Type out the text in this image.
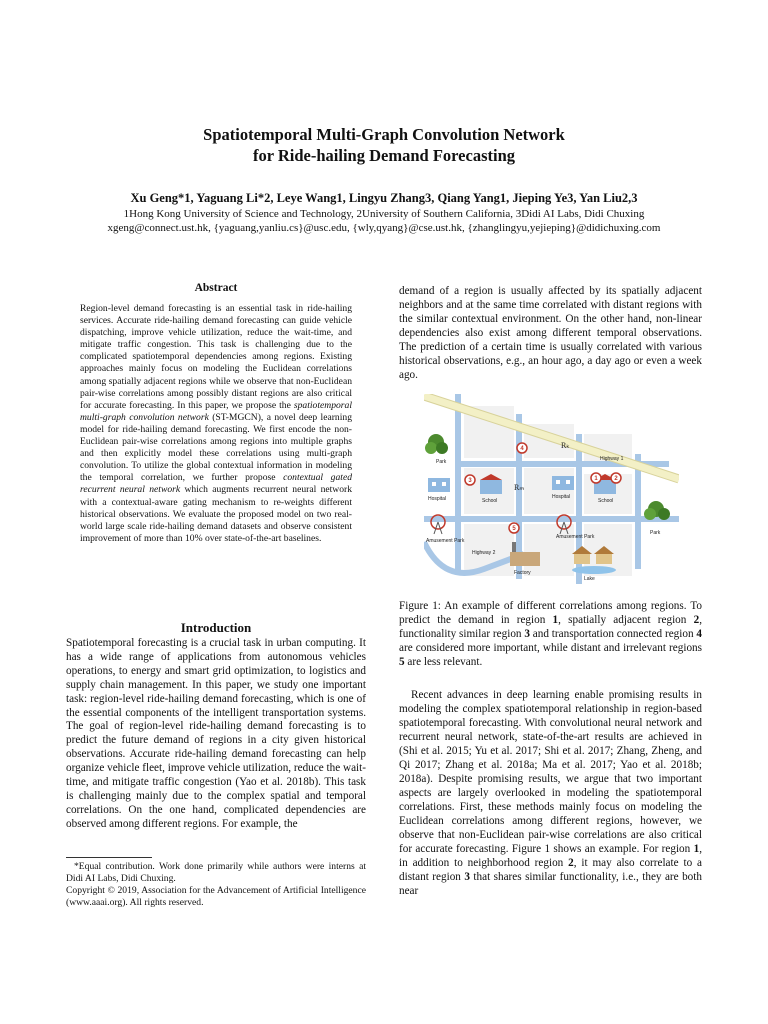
Spatiotemporal Multi-Graph Convolution Network
for Ride-hailing Demand Forecasting
Xu Geng*1, Yaguang Li*2, Leye Wang1, Lingyu Zhang3, Qiang Yang1, Jieping Ye3, Yan Liu2,3
1Hong Kong University of Science and Technology, 2University of Southern California, 3Didi AI Labs, Didi Chuxing
xgeng@connect.ust.hk, {yaguang,yanliu.cs}@usc.edu, {wly,qyang}@cse.ust.hk, {zhanglingyu,yejieping}@didichuxing.com
Abstract
Region-level demand forecasting is an essential task in ride-hailing services. Accurate ride-hailing demand forecasting can guide vehicle dispatching, improve vehicle utilization, reduce the wait-time, and mitigate traffic congestion. This task is challenging due to the complicated spatiotemporal dependencies among regions. Existing approaches mainly focus on modeling the Euclidean correlations among spatially adjacent regions while we observe that non-Euclidean pair-wise correlations among possibly distant regions are also critical for accurate forecasting. In this paper, we propose the spatiotemporal multi-graph convolution network (ST-MGCN), a novel deep learning model for ride-hailing demand forecasting. We first encode the non-Euclidean pair-wise correlations among regions into multiple graphs and then explicitly model these correlations using multi-graph convolution. To utilize the global contextual information in modeling the temporal correlation, we further propose contextual gated recurrent neural network which augments recurrent neural network with a contextual-aware gating mechanism to re-weights different historical observations. We evaluate the proposed model on two real-world large scale ride-hailing demand datasets and observe consistent improvement of more than 10% over state-of-the-art baselines.
Introduction
Spatiotemporal forecasting is a crucial task in urban computing. It has a wide range of applications from autonomous vehicles operations, to energy and smart grid optimization, to logistics and supply chain management. In this paper, we study one important task: region-level ride-hailing demand forecasting, which is one of the essential components of the intelligent transportation systems. The goal of region-level ride-hailing demand forecasting is to predict the future demand of regions in a city given historical observations. Accurate ride-hailing demand forecasting can help organize vehicle fleet, improve vehicle utilization, reduce the wait-time, and mitigate traffic congestion (Yao et al. 2018b). This task is challenging mainly due to the complex spatial and temporal correlations. On the one hand, complicated dependencies are observed among different regions. For example, the

*Equal contribution. Work done primarily while authors were interns at Didi AI Labs, Didi Chuxing.

Copyright © 2019, Association for the Advancement of Artificial Intelligence (www.aaai.org). All rights reserved.

demand of a region is usually affected by its spatially adjacent neighbors and at the same time correlated with distant regions with the similar contextual environment. On the other hand, non-linear dependencies also exist among different temporal observations. The prediction of a certain time is usually correlated with various historical observations, e.g., an hour ago, a day ago or even a week ago.
1	2
3
4
5
Park
Hospital	School
Hospital
School
Amusement Park
Amusement Park
Park
Factory
Lake
Highway 1
Highway 2
Rₖ
Rₘ
Figure 1: An example of different correlations among regions. To predict the demand in region 1, spatially adjacent region 2, functionality similar region 3 and transportation connected region 4 are considered more important, while distant and irrelevant regions 5 are less relevant.
Recent advances in deep learning enable promising results in modeling the complex spatiotemporal relationship in region-based spatiotemporal forecasting. With convolutional neural network and recurrent neural network, state-of-the-art results are achieved in (Shi et al. 2015; Yu et al. 2017; Shi et al. 2017; Zhang, Zheng, and Qi 2017; Zhang et al. 2018a; Ma et al. 2017; Yao et al. 2018b; 2018a). Despite promising results, we argue that two important aspects are largely overlooked in modeling the spatiotemporal correlations. First, these methods mainly focus on modeling the Euclidean correlations among different regions, however, we observe that non-Euclidean pair-wise correlations are also critical for accurate forecasting. Figure 1 shows an example. For region 1, in addition to neighborhood region 2, it may also correlate to a distant region 3 that shares similar functionality, i.e., they are both near
